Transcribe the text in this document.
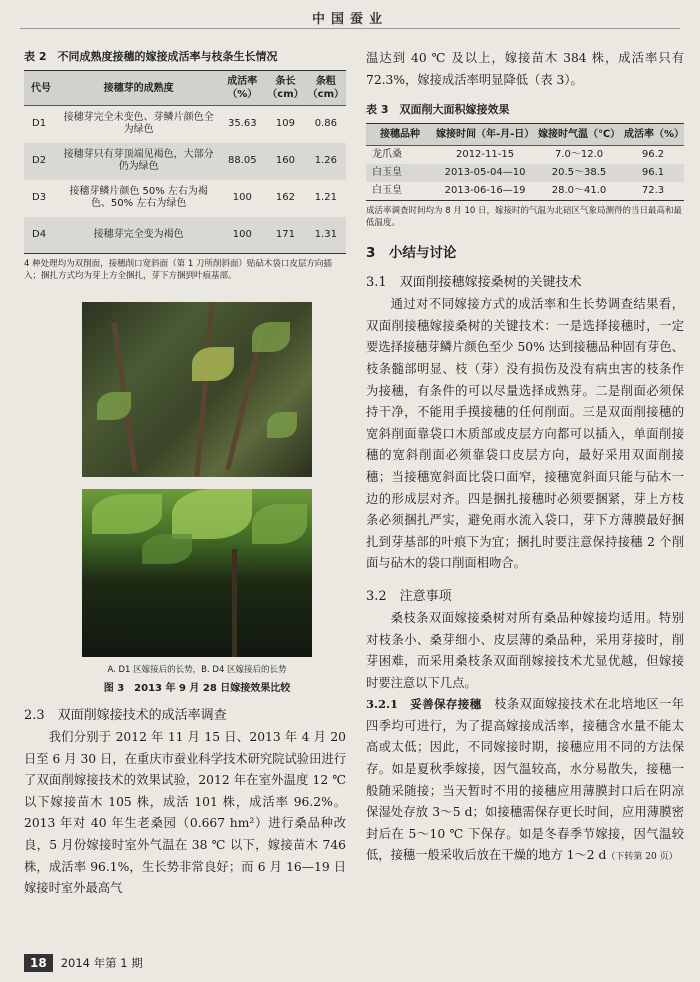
中国蚕业
表 2　不同成熟度接穗的嫁接成活率与枝条生长情况
代号	接穗芽的成熟度	成活率（%）	条长（cm）	条粗（cm）
D1	接穗芽完全未变色、芽鳞片颜色全为绿色	35.63	109	0.86
D2	接穗芽只有芽顶端见褐色，大部分仍为绿色	88.05	160	1.26
D3	接穗芽鳞片颜色 50% 左右为褐色、50% 左右为绿色	100	162	1.21
D4	接穗芽完全变为褐色	100	171	1.31
4 种处理均为双削面，接穗削口宽斜面（第 1 刀所削斜面）贴砧木袋口皮层方向插入；捆扎方式均为芽上方全捆扎，芽下方捆到叶痕基部。
A. D1 区嫁接后的长势，B. D4 区嫁接后的长势
图 3　2013 年 9 月 28 日嫁接效果比较
2.3　双面削嫁接技术的成活率调查

我们分别于 2012 年 11 月 15 日、2013 年 4 月 20 日至 6 月 30 日，在重庆市蚕业科学技术研究院试验田进行了双面削嫁接技术的效果试验，2012 年在室外温度 12 ℃ 以下嫁接苗木 105 株，成活 101 株，成活率 96.2%。2013 年对 40 年生老桑园（0.667 hm²）进行桑品种改良，5 月份嫁接时室外气温在 38 ℃ 以下，嫁接苗木 746 株，成活率 96.1%，生长势非常良好；而 6 月 16—19 日嫁接时室外最高气

温达到 40 ℃ 及以上，嫁接苗木 384 株，成活率只有 72.3%，嫁接成活率明显降低（表 3）。

表 3　双面削大面积嫁接效果
接穗品种	嫁接时间（年-月-日）	嫁接时气温（℃）	成活率（%）
龙爪桑	2012-11-15	7.0～12.0	96.2
白玉皇	2013-05-04—10	20.5～38.5	96.1
白玉皇	2013-06-16—19	28.0～41.0	72.3
成活率调查时间均为 8 月 10 日，嫁接时的气温为北碚区气象局测得的当日最高和最低温度。
3　小结与讨论
3.1　双面削接穗嫁接桑树的关键技术

通过对不同嫁接方式的成活率和生长势调查结果看，双面削接穗嫁接桑树的关键技术：一是选择接穗时，一定要选择接穗芽鳞片颜色至少 50% 达到接穗品种固有芽色、枝条髓部明显、枝（芽）没有损伤及没有病虫害的枝条作为接穗，有条件的可以尽量选择成熟芽。二是削面必须保持干净，不能用手摸接穗的任何削面。三是双面削接穗的宽斜削面靠袋口木质部或皮层方向都可以插入，单面削接穗的宽斜削面必须靠袋口皮层方向，最好采用双面削接穗；当接穗宽斜面比袋口面窄，接穗宽斜面只能与砧木一边的形成层对齐。四是捆扎接穗时必须要捆紧，芽上方枝条必须捆扎严实，避免雨水流入袋口，芽下方薄膜最好捆扎到芽基部的叶痕下为宜；捆扎时要注意保持接穗 2 个削面与砧木的袋口削面相吻合。

3.2　注意事项

桑枝条双面嫁接桑树对所有桑品种嫁接均适用。特别对枝条小、桑芽细小、皮层薄的桑品种，采用芽接时，削芽困难，而采用桑枝条双面削嫁接技术尤显优越，但嫁接时要注意以下几点。

3.2.1　妥善保存接穗　 枝条双面嫁接技术在北培地区一年四季均可进行，为了提高嫁接成活率，接穗含水量不能太高或太低；因此，不同嫁接时期，接穗应用不同的方法保存。如是夏秋季嫁接，因气温较高，水分易散失，接穗一般随采随接；当天暂时不用的接穗应用薄膜封口后在阴凉保湿处存放 3～5 d；如接穗需保存更长时间，应用薄膜密封后在 5～10 ℃ 下保存。如是冬春季节嫁接，因气温较低，接穗一般采收后放在干燥的地方 1～2 d（下转第 20 页）

18	2014 年第 1 期
